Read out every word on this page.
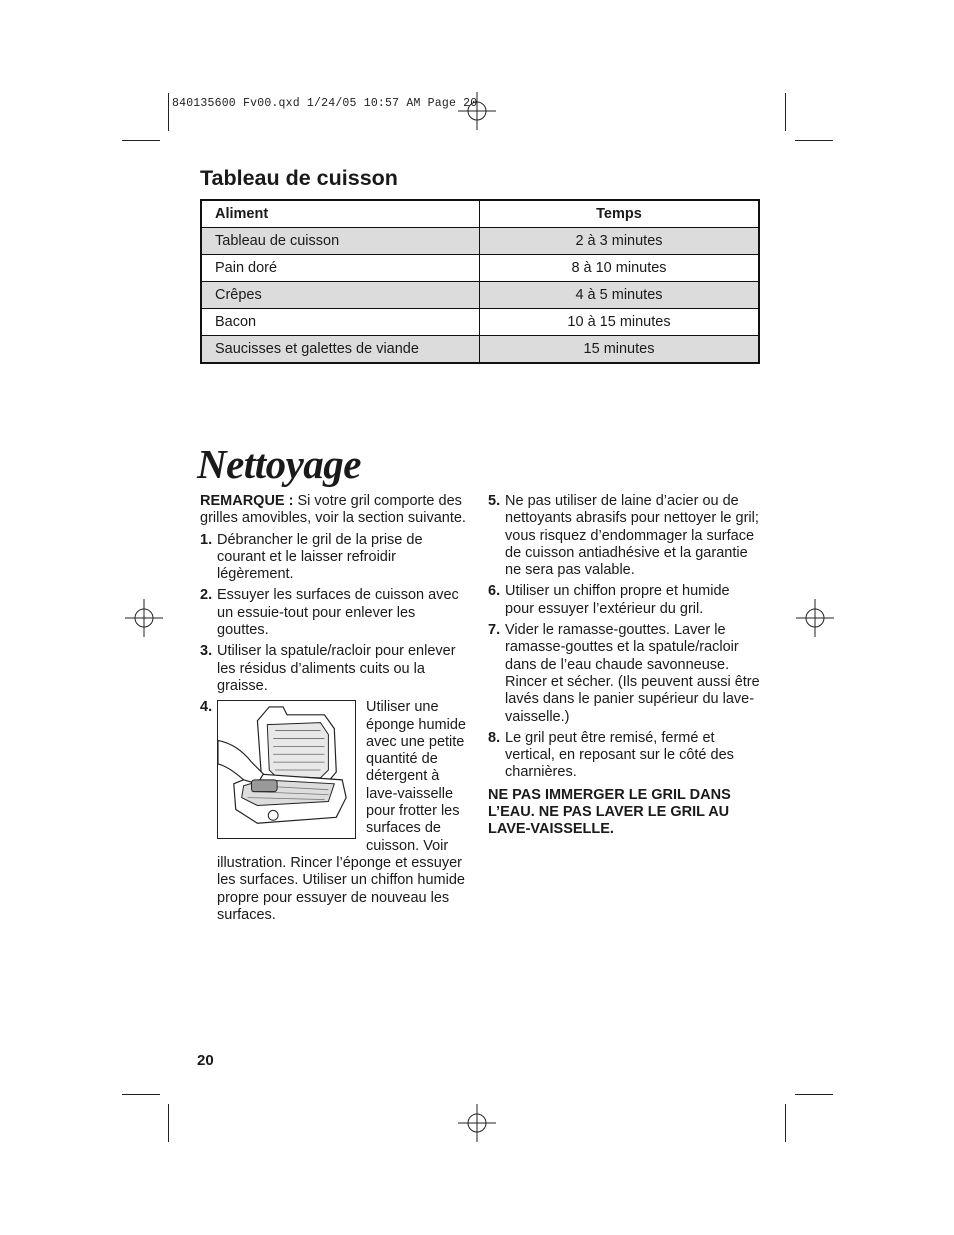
840135600 Fv00.qxd 1/24/05 10:57 AM Page 20
Tableau de cuisson
Aliment	Temps
Tableau de cuisson	2 à 3 minutes
Pain doré	8 à 10 minutes
Crêpes	4 à 5 minutes
Bacon	10 à 15 minutes
Saucisses et galettes de viande	15 minutes
Nettoyage

REMARQUE : Si votre gril comporte des grilles amovibles, voir la section suivante.

1. Débrancher le gril de la prise de courant et le laisser refroidir légèrement.
2. Essuyer les surfaces de cuisson avec un essuie-tout pour enlever les gouttes.
3. Utiliser la spatule/racloir pour enlever les résidus d’aliments cuits ou la graisse.
4.	Utiliser une éponge humide avec une petite quantité de détergent à lave-vaisselle pour frotter les surfaces de cuisson. Voir illustration. Rincer l’éponge et essuyer les surfaces. Utiliser un chiffon humide propre pour essuyer de nouveau les surfaces.
5. Ne pas utiliser de laine d’acier ou de nettoyants abrasifs pour nettoyer le gril; vous risquez d’endommager la surface de cuisson antiadhésive et la garantie ne sera pas valable.
6. Utiliser un chiffon propre et humide pour essuyer l’extérieur du gril.
7. Vider le ramasse-gouttes. Laver le ramasse-gouttes et la spatule/racloir dans de l’eau chaude savonneuse. Rincer et sécher. (Ils peuvent aussi être lavés dans le panier supérieur du lave-vaisselle.)
8. Le gril peut être remisé, fermé et vertical, en reposant sur le côté des charnières.

NE PAS IMMERGER LE GRIL DANS L’EAU. NE PAS LAVER LE GRIL AU LAVE-VAISSELLE.

20
